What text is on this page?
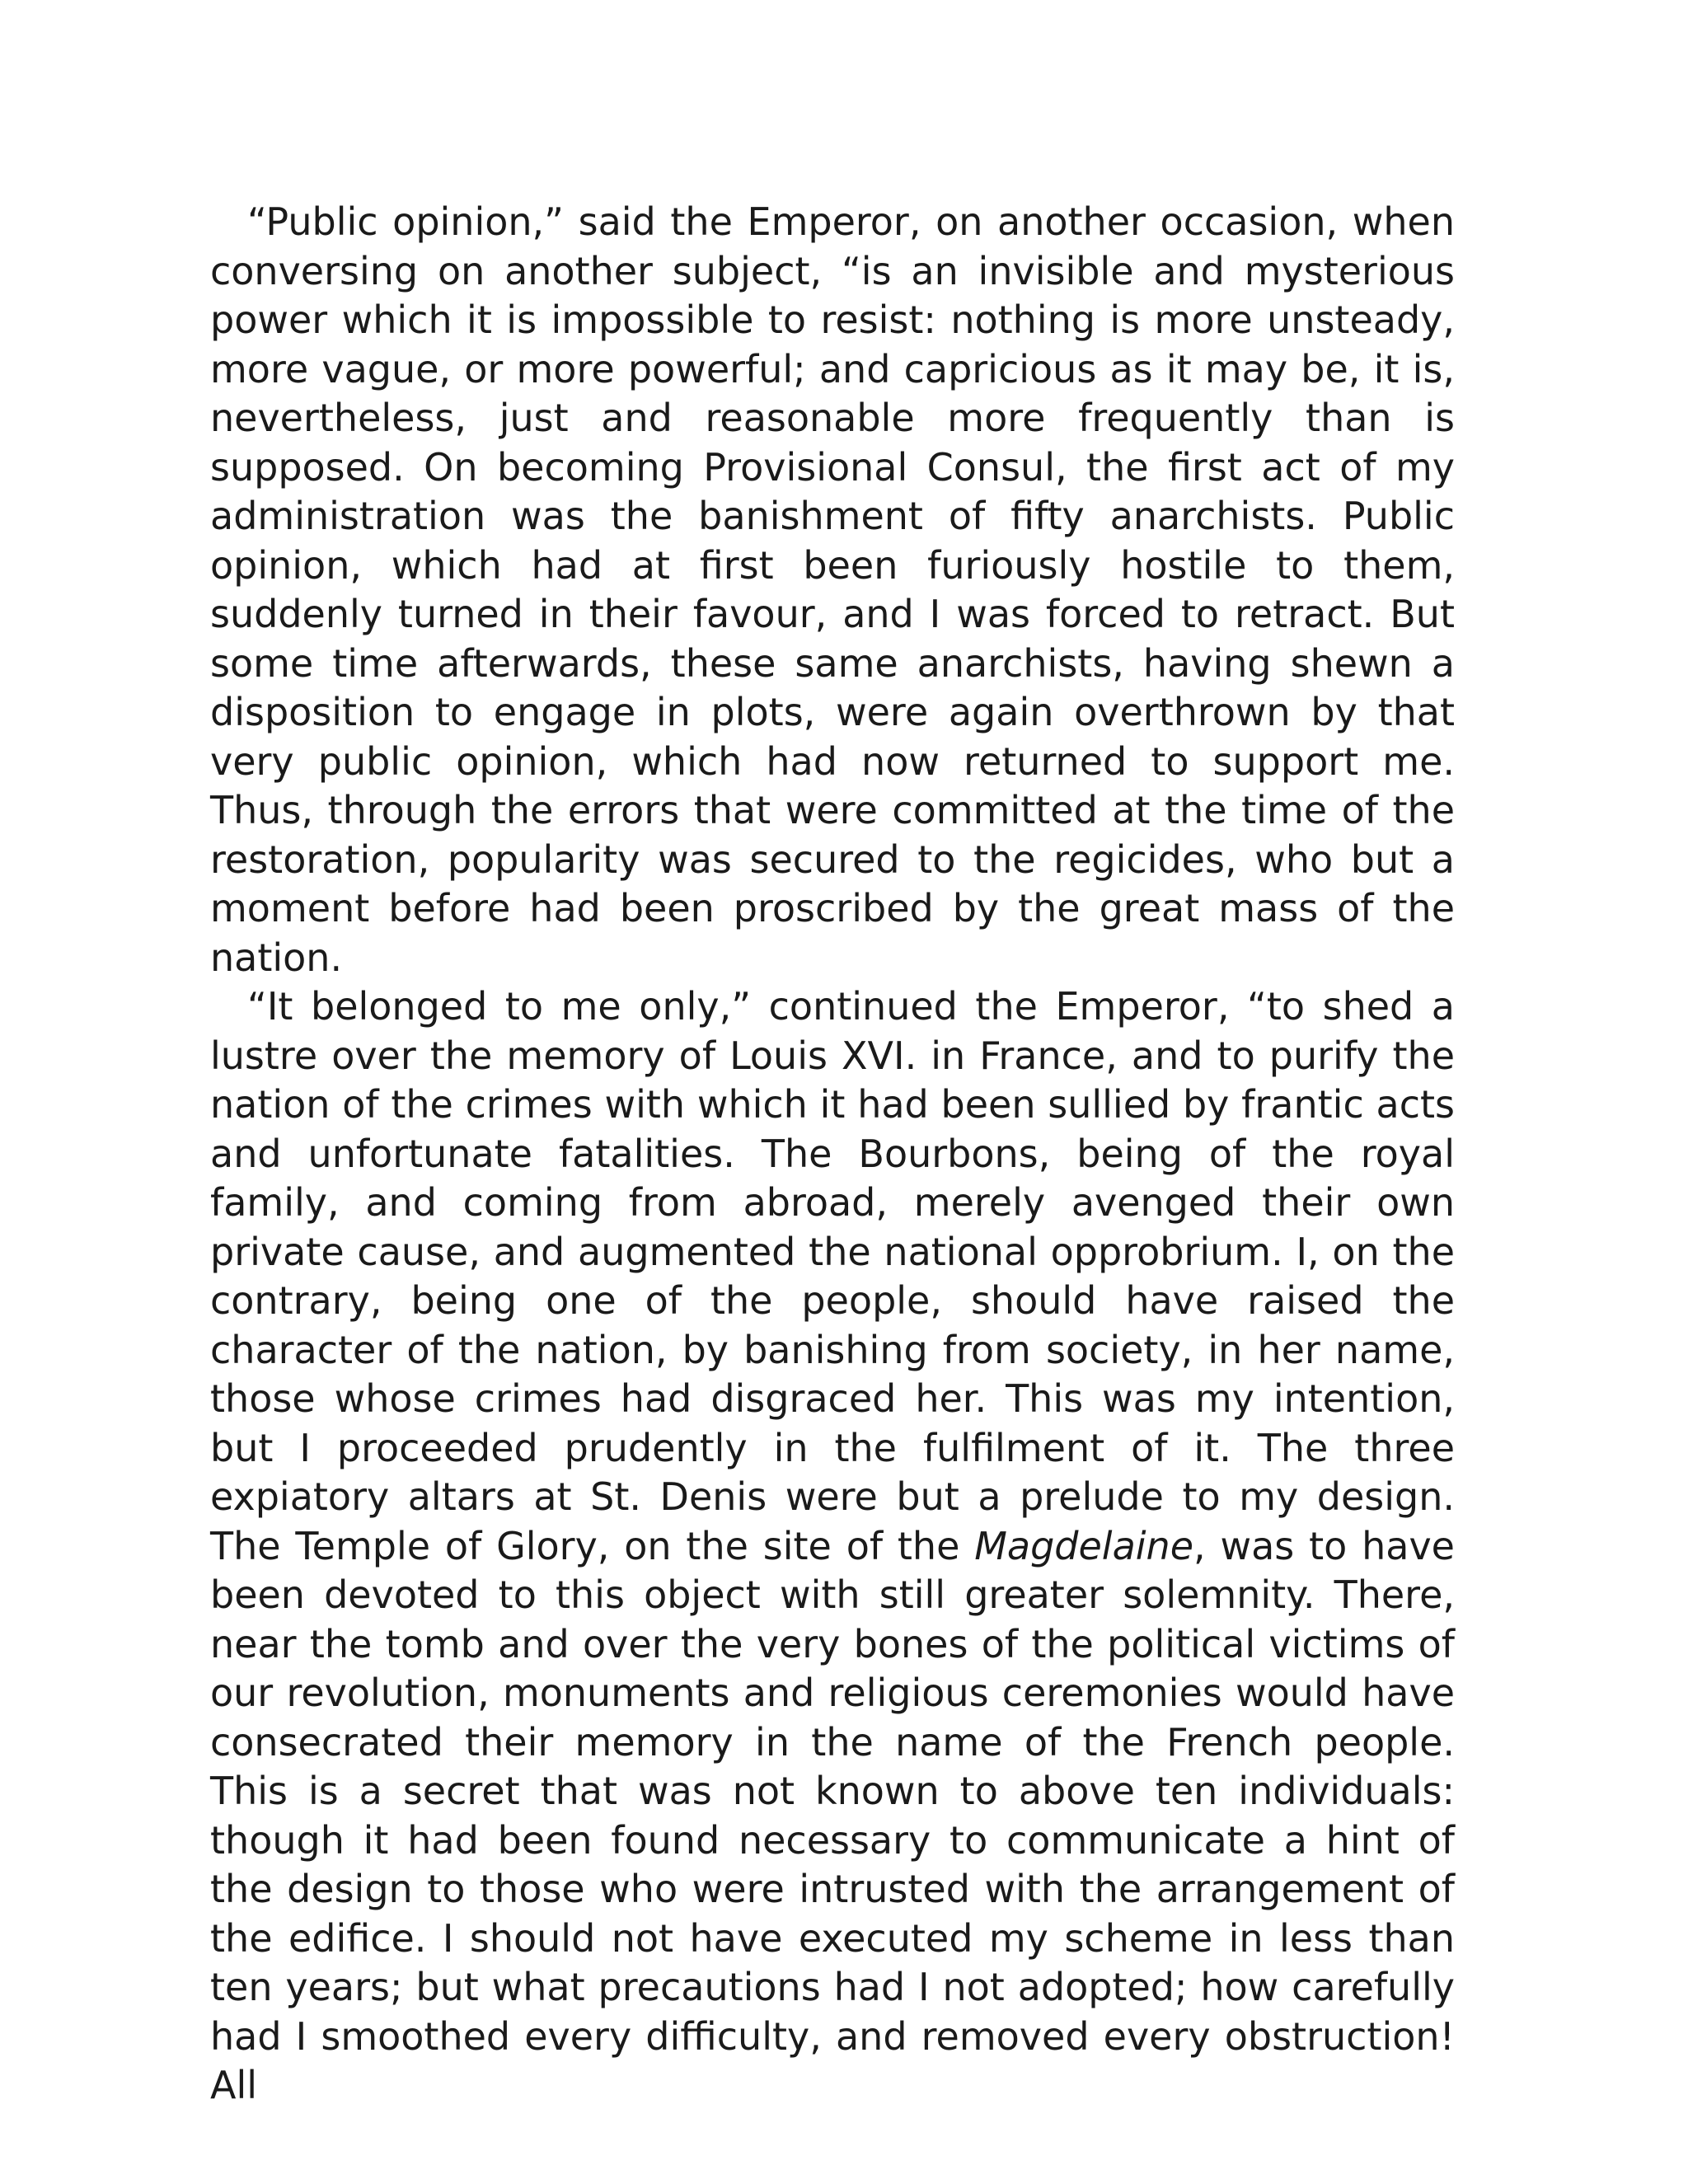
“Public opinion,” said the Emperor, on another occasion, when conversing on another subject, “is an invisible and mysterious power which it is impossible to resist: nothing is more unsteady, more vague, or more powerful; and capricious as it may be, it is, nevertheless, just and reasonable more frequently than is supposed. On becoming Provisional Consul, the first act of my administration was the banishment of fifty anarchists. Public opinion, which had at first been furiously hostile to them, suddenly turned in their favour, and I was forced to retract. But some time afterwards, these same anarchists, having shewn a disposition to engage in plots, were again overthrown by that very public opinion, which had now returned to support me. Thus, through the errors that were committed at the time of the restoration, popularity was secured to the regicides, who but a moment before had been proscribed by the great mass of the nation.

“It belonged to me only,” continued the Emperor, “to shed a lustre over the memory of Louis XVI. in France, and to purify the nation of the crimes with which it had been sullied by frantic acts and unfortunate fatalities. The Bourbons, being of the royal family, and coming from abroad, merely avenged their own private cause, and augmented the national opprobrium. I, on the contrary, being one of the people, should have raised the character of the nation, by banishing from society, in her name, those whose crimes had disgraced her. This was my intention, but I proceeded prudently in the fulfilment of it. The three expiatory altars at St. Denis were but a prelude to my design. The Temple of Glory, on the site of the Magdelaine, was to have been devoted to this object with still greater solemnity. There, near the tomb and over the very bones of the political victims of our revolution, monuments and religious ceremonies would have consecrated their memory in the name of the French people. This is a secret that was not known to above ten individuals: though it had been found necessary to communicate a hint of the design to those who were intrusted with the arrangement of the edifice. I should not have executed my scheme in less than ten years; but what precautions had I not adopted; how carefully had I smoothed every difficulty, and removed every obstruction! All
